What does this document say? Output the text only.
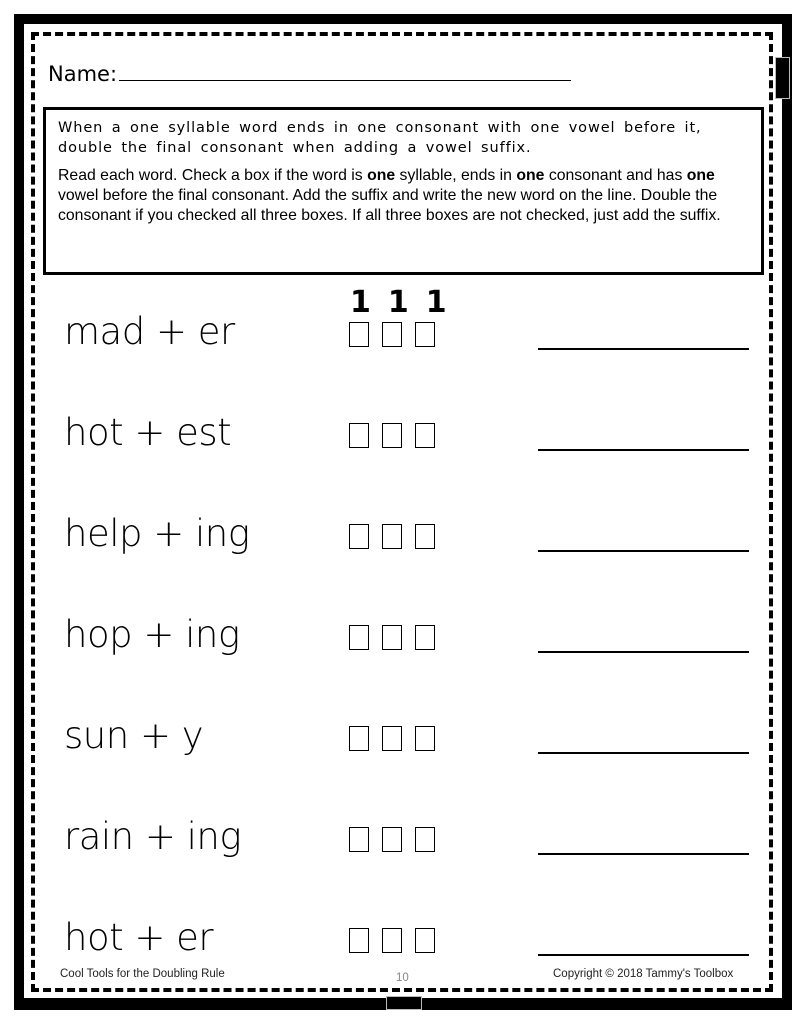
Name:
When a one syllable word ends in one consonant with one vowel before it, double the final consonant when adding a vowel suffix.
Read each word. Check a box if the word is one syllable, ends in one consonant and has one vowel before the final consonant. Add the suffix and write the new word on the line. Double the consonant if you checked all three boxes. If all three boxes are not checked, just add the suffix.
1 1 1
mad + er
hot + est
help + ing
hop + ing
sun + y
rain + ing
hot + er
Cool Tools for the Doubling Rule	10	Copyright © 2018 Tammy's Toolbox
